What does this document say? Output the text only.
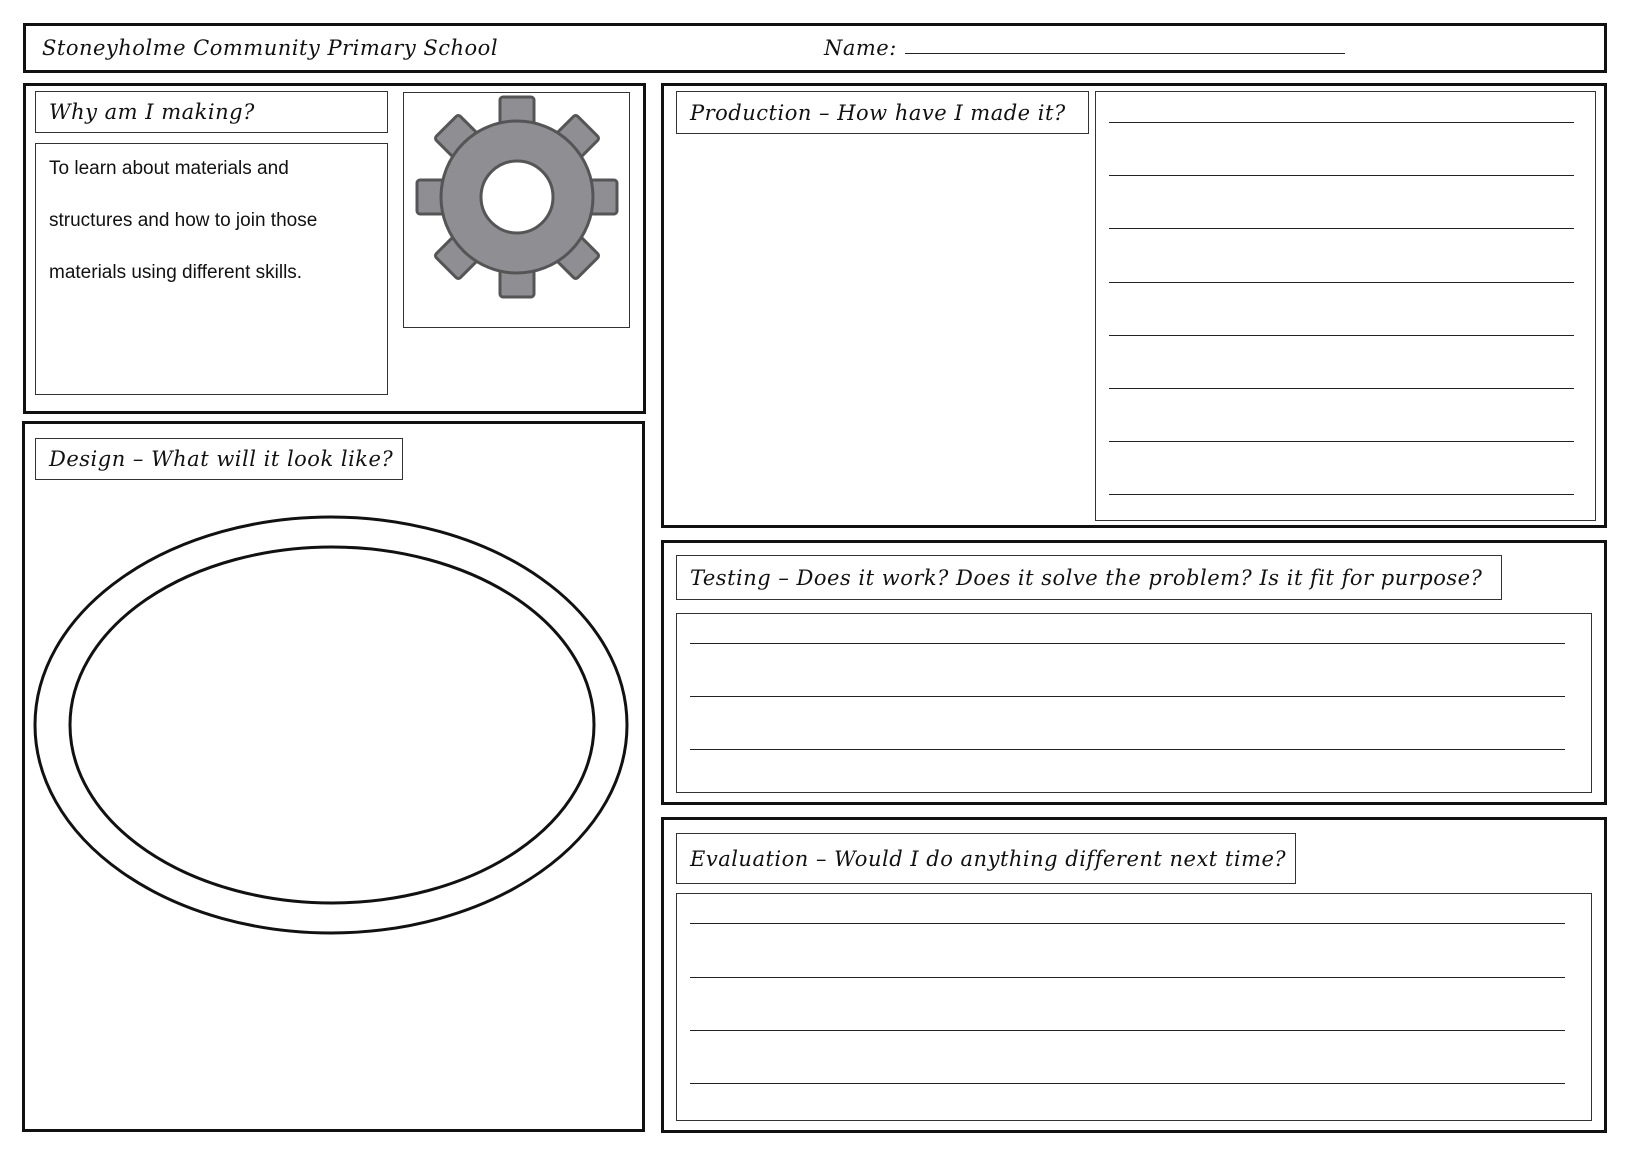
Stoneyholme Community Primary School	Name:
Why am I making?
To learn about materials and
structures and how to join those
materials using different skills.
Design – What will it look like?
Production – How have I made it?
Testing – Does it work? Does it solve the problem? Is it fit for purpose?
Evaluation – Would I do anything different next time?
